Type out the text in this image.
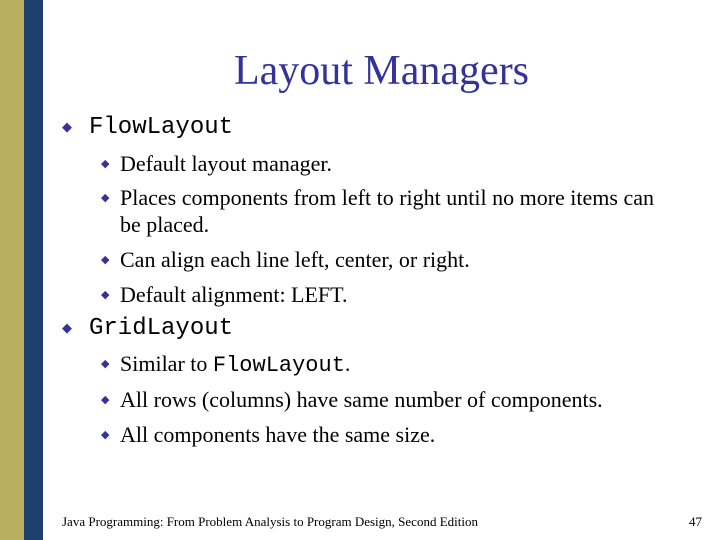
Layout Managers
◆ FlowLayout
◆ Default layout manager.
◆ Places components from left to right until no more items can be placed.
◆ Can align each line left, center, or right.
◆ Default alignment: LEFT.
◆ GridLayout
◆ Similar to FlowLayout.
◆ All rows (columns) have same number of components.
◆ All components have the same size.
Java Programming: From Problem Analysis to Program Design, Second Edition	47
